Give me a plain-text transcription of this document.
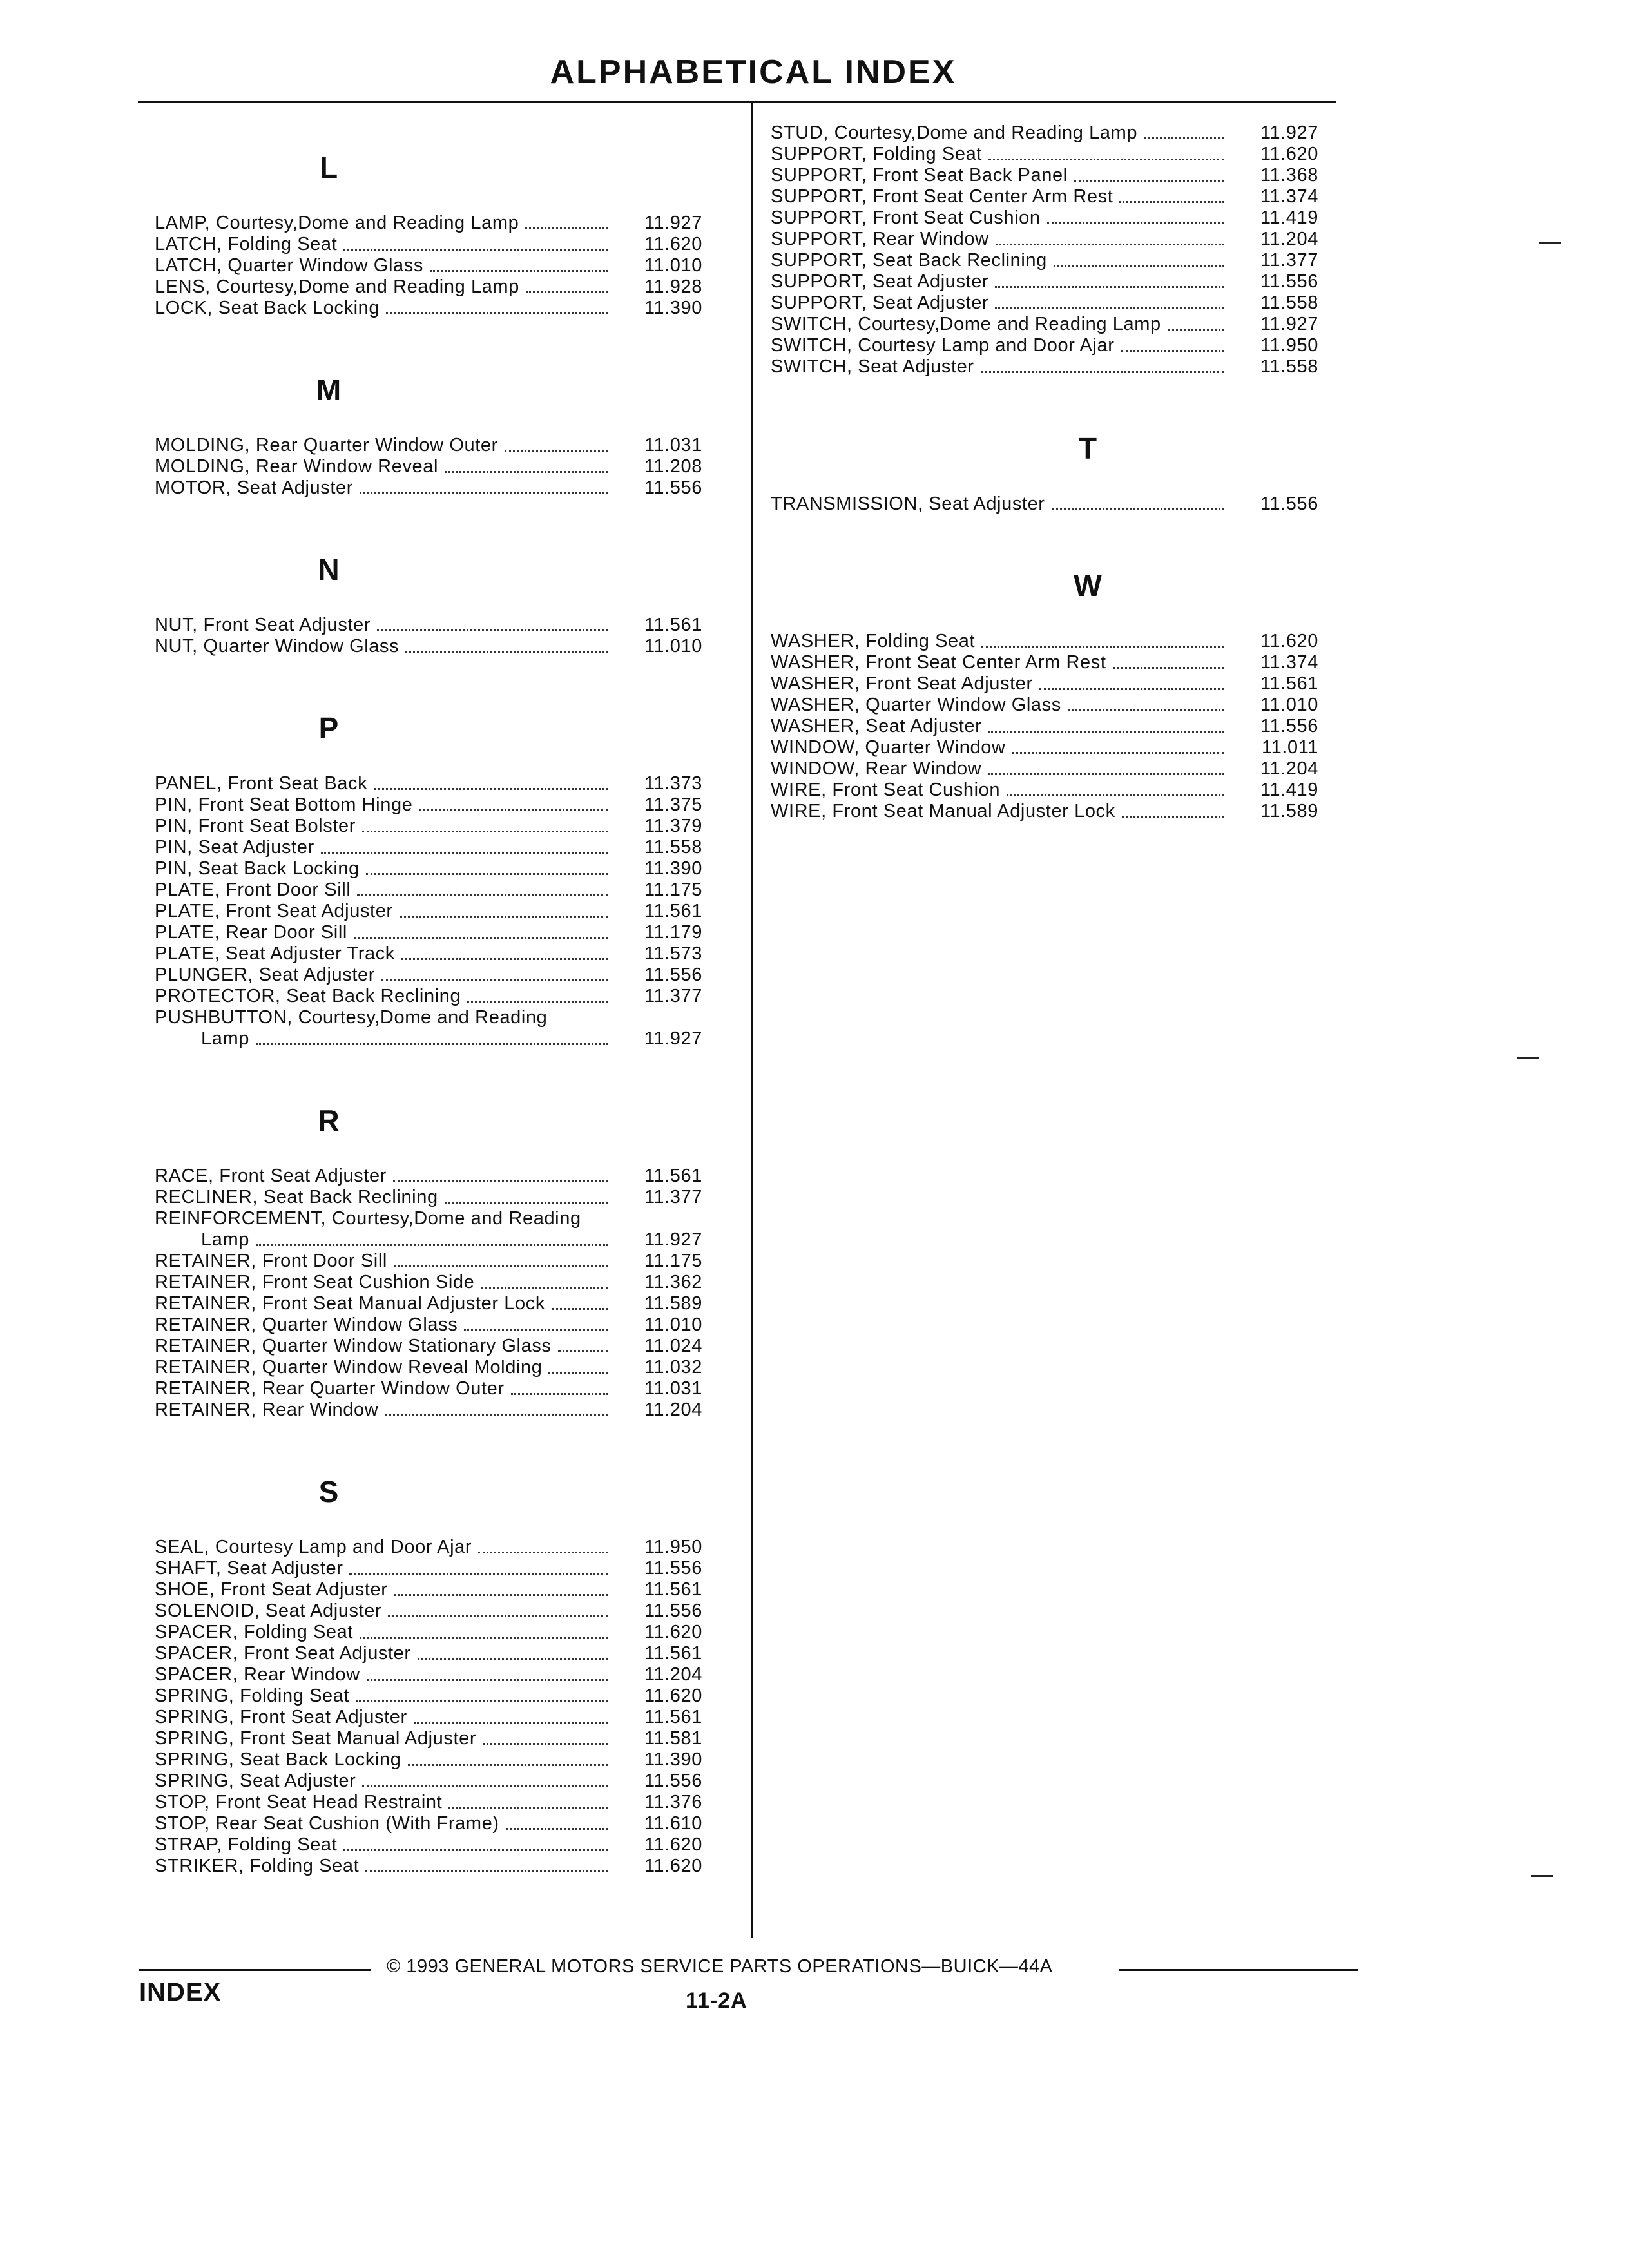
ALPHABETICAL INDEX
L
LAMP, Courtesy,Dome and Reading Lamp	11.927
LATCH, Folding Seat	11.620
LATCH, Quarter Window Glass	11.010
LENS, Courtesy,Dome and Reading Lamp	11.928
LOCK, Seat Back Locking	11.390
M
MOLDING, Rear Quarter Window Outer	11.031
MOLDING, Rear Window Reveal	11.208
MOTOR, Seat Adjuster	11.556
N
NUT, Front Seat Adjuster	11.561
NUT, Quarter Window Glass	11.010
P
PANEL, Front Seat Back	11.373
PIN, Front Seat Bottom Hinge	11.375
PIN, Front Seat Bolster	11.379
PIN, Seat Adjuster	11.558
PIN, Seat Back Locking	11.390
PLATE, Front Door Sill	11.175
PLATE, Front Seat Adjuster	11.561
PLATE, Rear Door Sill	11.179
PLATE, Seat Adjuster Track	11.573
PLUNGER, Seat Adjuster	11.556
PROTECTOR, Seat Back Reclining	11.377
PUSHBUTTON, Courtesy,Dome and Reading
Lamp	11.927
R
RACE, Front Seat Adjuster	11.561
RECLINER, Seat Back Reclining	11.377
REINFORCEMENT, Courtesy,Dome and Reading
Lamp	11.927
RETAINER, Front Door Sill	11.175
RETAINER, Front Seat Cushion Side	11.362
RETAINER, Front Seat Manual Adjuster Lock	11.589
RETAINER, Quarter Window Glass	11.010
RETAINER, Quarter Window Stationary Glass	11.024
RETAINER, Quarter Window Reveal Molding	11.032
RETAINER, Rear Quarter Window Outer	11.031
RETAINER, Rear Window	11.204
S
SEAL, Courtesy Lamp and Door Ajar	11.950
SHAFT, Seat Adjuster	11.556
SHOE, Front Seat Adjuster	11.561
SOLENOID, Seat Adjuster	11.556
SPACER, Folding Seat	11.620
SPACER, Front Seat Adjuster	11.561
SPACER, Rear Window	11.204
SPRING, Folding Seat	11.620
SPRING, Front Seat Adjuster	11.561
SPRING, Front Seat Manual Adjuster	11.581
SPRING, Seat Back Locking	11.390
SPRING, Seat Adjuster	11.556
STOP, Front Seat Head Restraint	11.376
STOP, Rear Seat Cushion (With Frame)	11.610
STRAP, Folding Seat	11.620
STRIKER, Folding Seat	11.620
STUD, Courtesy,Dome and Reading Lamp	11.927
SUPPORT, Folding Seat	11.620
SUPPORT, Front Seat Back Panel	11.368
SUPPORT, Front Seat Center Arm Rest	11.374
SUPPORT, Front Seat Cushion	11.419
SUPPORT, Rear Window	11.204
SUPPORT, Seat Back Reclining	11.377
SUPPORT, Seat Adjuster	11.556
SUPPORT, Seat Adjuster	11.558
SWITCH, Courtesy,Dome and Reading Lamp	11.927
SWITCH, Courtesy Lamp and Door Ajar	11.950
SWITCH, Seat Adjuster	11.558
T
TRANSMISSION, Seat Adjuster	11.556
W
WASHER, Folding Seat	11.620
WASHER, Front Seat Center Arm Rest	11.374
WASHER, Front Seat Adjuster	11.561
WASHER, Quarter Window Glass	11.010
WASHER, Seat Adjuster	11.556
WINDOW, Quarter Window	11.011
WINDOW, Rear Window	11.204
WIRE, Front Seat Cushion	11.419
WIRE, Front Seat Manual Adjuster Lock	11.589
© 1993 GENERAL MOTORS SERVICE PARTS OPERATIONS—BUICK—44A
INDEX	11-2A
